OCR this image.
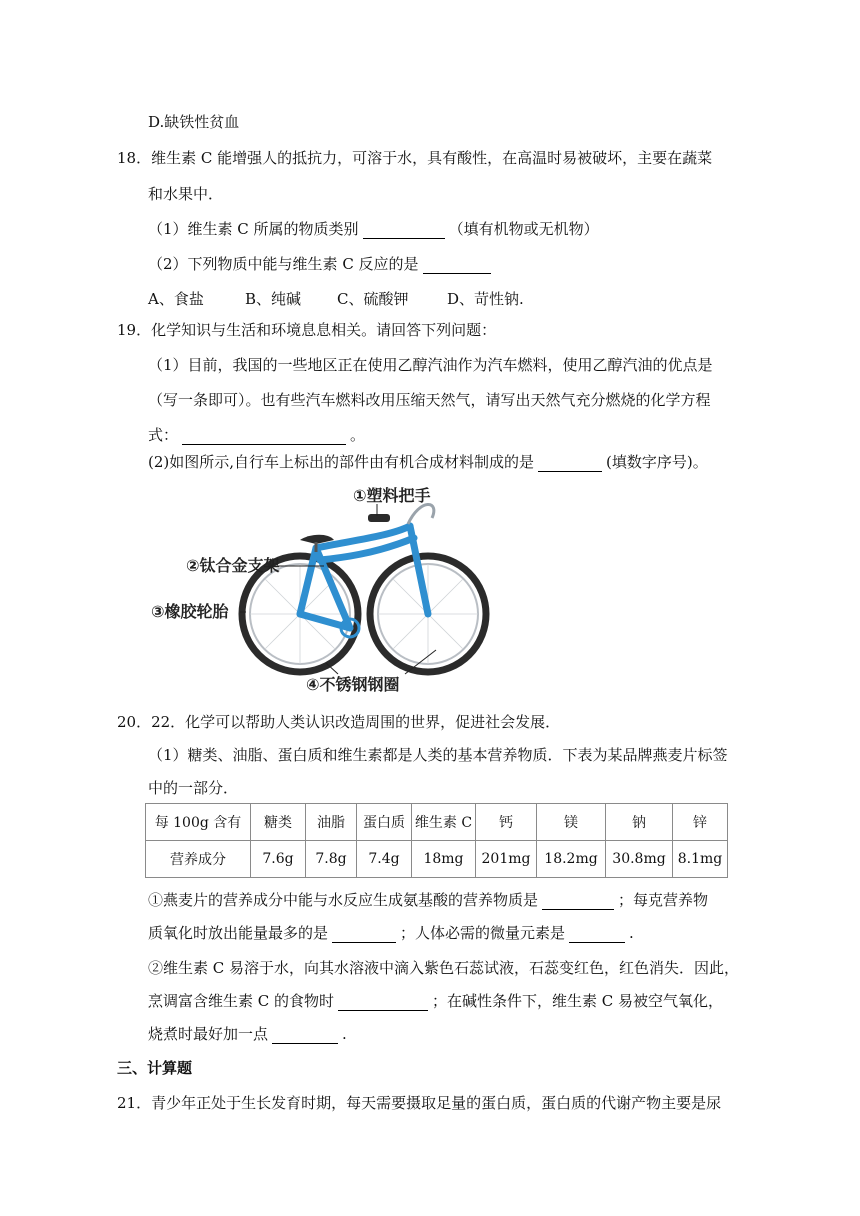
D.缺铁性贫血
18．维生素 C 能增强人的抵抗力，可溶于水，具有酸性，在高温时易被破坏，主要在蔬菜
和水果中．
（1）维生素 C 所属的物质类别	（填有机物或无机物）
（2）下列物质中能与维生素 C 反应的是
A、食盐	B、纯碱 C、硫酸钾	D、苛性钠.
19．化学知识与生活和环境息息相关。请回答下列问题：
（1）目前，我国的一些地区正在使用乙醇汽油作为汽车燃料，使用乙醇汽油的优点是
（写一条即可）。也有些汽车燃料改用压缩天然气，请写出天然气充分燃烧的化学方程
式：	。
(2)如图所示,自行车上标出的部件由有机合成材料制成的是	(填数字序号)。
①塑料把手
②钛合金支架
③橡胶轮胎
④不锈钢钢圈
20．22．化学可以帮助人类认识改造周围的世界，促进社会发展．
（1）糖类、油脂、蛋白质和维生素都是人类的基本营养物质．下表为某品牌燕麦片标签
中的一部分．
每 100g 含有	糖类	油脂	蛋白质	维生素 C	钙	镁	钠	锌
营养成分	7.6g	7.8g	7.4g	18mg	201mg	18.2mg	30.8mg	8.1mg
①燕麦片的营养成分中能与水反应生成氨基酸的营养物质是	；每克营养物
质氧化时放出能量最多的是	；人体必需的微量元素是	.
②维生素 C 易溶于水，向其水溶液中滴入紫色石蕊试液，石蕊变红色，红色消失．因此，
烹调富含维生素 C 的食物时	；在碱性条件下，维生素 C 易被空气氧化，
烧煮时最好加一点	.
三、计算题
21．青少年正处于生长发育时期，每天需要摄取足量的蛋白质，蛋白质的代谢产物主要是尿
